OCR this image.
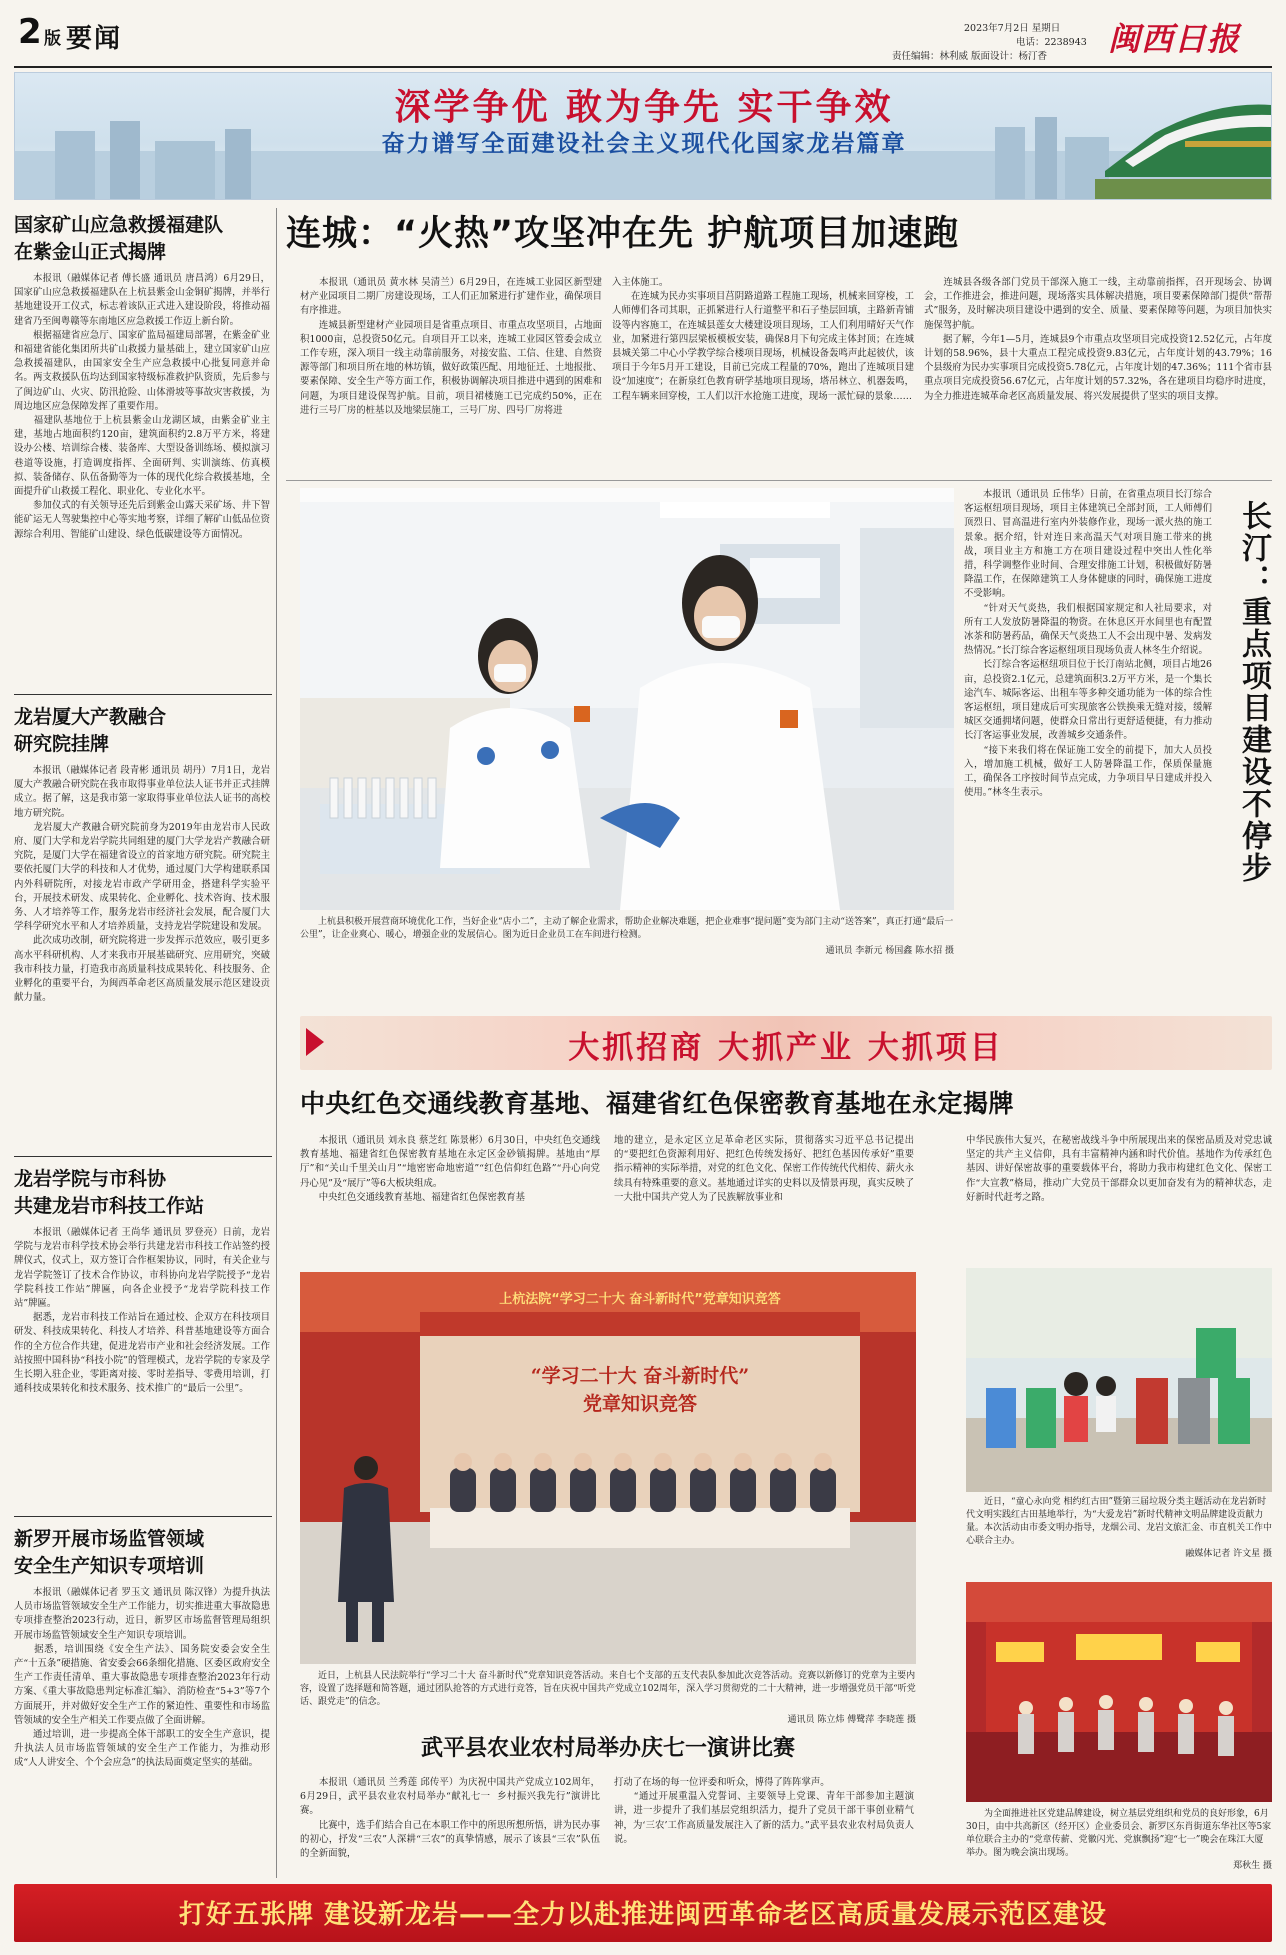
2 版 要闻	2023年7月2日 星期日
电话：2238943
责任编辑：林利威 版面设计：杨汀香 闽西日报
深学争优 敢为争先 实干争效
奋力谱写全面建设社会主义现代化国家龙岩篇章
国家矿山应急救援福建队
在紫金山正式揭牌
　　本报讯（融媒体记者 傅长盛 通讯员 唐昌鸿）6月29日，国家矿山应急救援福建队在上杭县紫金山金铜矿揭牌，并举行基地建设开工仪式，标志着该队正式进入建设阶段，将推动福建省乃至闽粤赣等东南地区应急救援工作迈上新台阶。
　　根据福建省应急厅、国家矿监局福建局部署，在紫金矿业和福建省能化集团所共矿山救援力量基础上，建立国家矿山应急救援福建队，由国家安全生产应急救援中心批复同意并命名。两支救援队伍均达到国家特级标准救护队资质，先后参与了闽边矿山、火灾、防汛抢险、山体滑坡等事故灾害救援，为周边地区应急保障发挥了重要作用。
　　福建队基地位于上杭县紫金山龙湖区域，由紫金矿业主建，基地占地面积约120亩，建筑面积约2.8万平方米，将建设办公楼、培训综合楼、装备库、大型设备训练场、模拟演习巷道等设施，打造调度指挥、全面研判、实训演练、仿真模拟、装备储存、队伍备勤等为一体的现代化综合救援基地，全面提升矿山救援工程化、职业化、专业化水平。
　　参加仪式的有关领导还先后到紫金山露天采矿场、井下智能矿运无人驾驶集控中心等实地考察，详细了解矿山低品位资源综合利用、智能矿山建设、绿色低碳建设等方面情况。
龙岩厦大产教融合
研究院挂牌
　　本报讯（融媒体记者 段青彬 通讯员 胡丹）7月1日，龙岩厦大产教融合研究院在我市取得事业单位法人证书并正式挂牌成立。据了解，这是我市第一家取得事业单位法人证书的高校地方研究院。
　　龙岩厦大产教融合研究院前身为2019年由龙岩市人民政府、厦门大学和龙岩学院共同组建的厦门大学龙岩产教融合研究院，是厦门大学在福建省设立的首家地方研究院。研究院主要依托厦门大学的科技和人才优势，通过厦门大学构建联系国内外科研院所，对接龙岩市政产学研用金，搭建科学实验平台，开展技术研发、成果转化、企业孵化、技术咨询、技术服务、人才培养等工作，服务龙岩市经济社会发展，配合厦门大学科学研究水平和人才培养质量，支持龙岩学院建设和发展。
　　此次成功改制，研究院将进一步发挥示范效应，吸引更多高水平科研机构、人才来我市开展基础研究、应用研究，突破我市科技力量，打造我市高质量科技成果转化、科技服务、企业孵化的重要平台，为闽西革命老区高质量发展示范区建设贡献力量。
龙岩学院与市科协
共建龙岩市科技工作站
　　本报讯（融媒体记者 王尚华 通讯员 罗登亮）日前，龙岩学院与龙岩市科学技术协会举行共建龙岩市科技工作站签约授牌仪式，仪式上，双方签订合作框架协议，同时，有关企业与龙岩学院签订了技术合作协议，市科协向龙岩学院授予“龙岩学院科技工作站”牌匾，向各企业授予“龙岩学院科技工作站”牌匾。
　　据悉，龙岩市科技工作站旨在通过校、企双方在科技项目研发、科技成果转化、科技人才培养、科普基地建设等方面合作的全方位合作共建，促进龙岩市产业和社会经济发展。工作站按照中国科协“科技小院”的管理模式，龙岩学院的专家及学生长期入驻企业，零距离对接、零时差指导、零费用培训，打通科技成果转化和技术服务、技术推广的“最后一公里”。
新罗开展市场监管领域
安全生产知识专项培训
　　本报讯（融媒体记者 罗玉文 通讯员 陈汉锋）为提升执法人员市场监管领域安全生产工作能力，切实推进重大事故隐患专项排查整治2023行动，近日，新罗区市场监督管理局组织开展市场监管领域安全生产知识专项培训。
　　据悉，培训围绕《安全生产法》、国务院安委会安全生产“十五条”硬措施、省安委会66条细化措施、区委区政府安全生产工作责任清单、重大事故隐患专项排查整治2023年行动方案、《重大事故隐患判定标准汇编》、消防检查“5+3”等7个方面展开，并对做好安全生产工作的紧迫性、重要性和市场监管领域的安全生产相关工作要点做了全面讲解。
　　通过培训，进一步提高全体干部职工的安全生产意识，提升执法人员市场监管领域的安全生产工作能力，为推动形成“人人讲安全、个个会应急”的执法局面奠定坚实的基础。
连城：“火热”攻坚冲在先 护航项目加速跑
　　本报讯（通讯员 黄水林 吴清兰）6月29日，在连城工业园区新型建材产业园项目二期厂房建设现场，工人们正加紧进行扩建作业，确保项目有序推进。
　　连城县新型建材产业园项目是省重点项目、市重点攻坚项目，占地面积1000亩，总投资50亿元。自项目开工以来，连城工业园区管委会成立工作专班，深入项目一线主动靠前服务，对接安监、工信、住建、自然资源等部门和项目所在地的林坊镇，做好政策匹配、用地征迁、土地报批、要素保障、安全生产等方面工作，积极协调解决项目推进中遇到的困难和问题，为项目建设保驾护航。目前，项目裙楼施工已完成约50%，正在进行三号厂房的桩基以及地梁层施工，三号厂房、四号厂房将进
入主体施工。
　　在连城为民办实事项目莒阴路道路工程施工现场，机械来回穿梭，工人师傅们各司其职，正抓紧进行人行道整平和石子垫层回填，主路新青铺设等内容施工，在连城县莲女大楼建设项目现场，工人们利用晴好天气作业，加紧进行第四层梁板模板安装，确保8月下旬完成主体封顶；在连城县城关第二中心小学教学综合楼项目现场，机械设备轰鸣声此起彼伏，该项目于今年5月开工建设，目前已完成工程量的70%，跑出了连城项目建设“加速度”；在新泉红色教育研学基地项目现场，塔吊林立、机器轰鸣，工程车辆来回穿梭，工人们以汗水抢施工进度，现场一派忙碌的景象……
　　连城县各级各部门党员干部深入施工一线，主动靠前指挥，召开现场会、协调会，工作推进会，推进问题，现场落实具体解决措施，项目要素保障部门提供“帮帮式”服务，及时解决项目建设中遇到的安全、质量、要素保障等问题，为项目加快实施保驾护航。
　　据了解，今年1—5月，连城县9个市重点攻坚项目完成投资12.52亿元，占年度计划的58.96%，县十大重点工程完成投资9.83亿元，占年度计划的43.79%；16个县级府为民办实事项目完成投资5.78亿元，占年度计划的47.36%；111个省市县重点项目完成投资56.67亿元，占年度计划的57.32%，各在建项目均稳序时进度，为全力推进连城革命老区高质量发展、将兴发展提供了坚实的项目支撑。
　　上杭县积极开展营商环境优化工作，当好企业“店小二”，主动了解企业需求，帮助企业解决难题，把企业难事“提问题”变为部门主动“送答案”，真正打通“最后一公里”，让企业爽心、暖心，增强企业的发展信心。图为近日企业员工在车间进行检测。
通讯员 李新元 杨国鑫 陈水招 摄
　　本报讯（通讯员 丘伟华）日前，在省重点项目长汀综合客运枢纽项目现场，项目主体建筑已全部封顶，工人师傅们顶烈日、冒高温进行室内外装修作业，现场一派火热的施工景象。据介绍，针对连日来高温天气对项目施工带来的挑战，项目业主方和施工方在项目建设过程中突出人性化举措，科学调整作业时间、合理安排施工计划，积极做好防暑降温工作，在保障建筑工人身体健康的同时，确保施工进度不受影响。
　　“针对天气炎热，我们根据国家规定和人社局要求，对所有工人发放防暑降温的物资。在休息区开水间里也有配置冰茶和防暑药品，确保天气炎热工人不会出现中暑、发病发热情况。”长汀综合客运枢纽项目现场负责人林冬生介绍说。
　　长汀综合客运枢纽项目位于长汀南站北侧，项目占地26亩，总投资2.1亿元，总建筑面积3.2万平方米，是一个集长途汽车、城际客运、出租车等多种交通功能为一体的综合性客运枢纽，项目建成后可实现旅客公铁换乘无缝对接，缓解城区交通拥堵问题，使群众日常出行更舒适便捷，有力推动长汀客运事业发展，改善城乡交通条件。
　　“接下来我们将在保证施工安全的前提下，加大人员投入，增加施工机械，做好工人防暑降温工作，保质保量施工，确保各工序按时间节点完成，力争项目早日建成并投入使用。”林冬生表示。	长汀：重点项目建设不停步
大抓招商 大抓产业 大抓项目
中央红色交通线教育基地、福建省红色保密教育基地在永定揭牌
　　本报讯（通讯员 刘永良 蔡芝红 陈景彬）6月30日，中央红色交通线教育基地、福建省红色保密教育基地在永定区金砂镇揭牌。基地由“厚厅”和“关山千里关山月”“地密密命地密道”“红色信仰红色路”“丹心向党丹心见”及“展厅”等6大板块组成。
　　中央红色交通线教育基地、福建省红色保密教育基
地的建立，是永定区立足革命老区实际，贯彻落实习近平总书记提出的“要把红色资源利用好、把红色传统发扬好、把红色基因传承好”重要指示精神的实际举措，对党的红色文化、保密工作传统代代相传、薪火永续具有特殊重要的意义。基地通过详实的史料以及情景再现，真实反映了一大批中国共产党人为了民族解放事业和
中华民族伟大复兴，在秘密战线斗争中所展现出来的保密品质及对党忠诚坚定的共产主义信仰，具有丰富精神内涵和时代价值。基地作为传承红色基因、讲好保密故事的重要载体平台，将助力我市构建红色文化、保密工作“大宣教”格局，推动广大党员干部群众以更加奋发有为的精神状态，走好新时代赶考之路。
上杭法院“学习二十大 奋斗新时代”党章知识竞答
“学习二十大 奋斗新时代”
党章知识竞答
　　近日，上杭县人民法院举行“学习二十大 奋斗新时代”党章知识竞答活动。来自七个支部的五支代表队参加此次竞答活动。竞赛以新修订的党章为主要内容，设置了选择题和简答题，通过团队抢答的方式进行竞答，旨在庆祝中国共产党成立102周年，深入学习贯彻党的二十大精神，进一步增强党员干部“听党话、跟党走”的信念。
通讯员 陈立炜 傅鹭萍 李晓莲 摄
　　近日，“童心永向党 相约红古田”暨第三届垃圾分类主题活动在龙岩新时代文明实践红古田基地举行，为“大爱龙岩”新时代精神文明品牌建设贡献力量。本次活动由市委文明办指导，龙烟公司、龙岩文旅汇金、市直机关工作中心联合主办。
融媒体记者 许文星 摄
　　为全面推进社区党建品牌建设，树立基层党组织和党员的良好形象，6月30日，由中共高新区（经开区）企业委员会、新罗区东肖街道东华社区等5家单位联合主办的“党章传薪、党徽闪光、党旗飘扬”迎“七一”晚会在珠江大厦举办。图为晚会演出现场。
郑秋生 摄
武平县农业农村局举办庆七一演讲比赛
　　本报讯（通讯员 兰秀莲 邱传平）为庆祝中国共产党成立102周年，6月29日，武平县农业农村局举办“献礼七一  乡村振兴我先行”演讲比赛。
　　比赛中，选手们结合自己在本职工作中的所思所想所悟，讲为民办事的初心，抒发“三农”人深耕“三农”的真挚情感，展示了该县“三农”队伍的全新面貌，
打动了在场的每一位评委和听众，博得了阵阵掌声。
　　“通过开展重温入党誓词、主要领导上党课、青年干部参加主题演讲，进一步提升了我们基层党组织活力，提升了党员干部干事创业精气神，为‘三农’工作高质量发展注入了新的活力。”武平县农业农村局负责人说。
打好五张牌 建设新龙岩——全力以赴推进闽西革命老区高质量发展示范区建设
